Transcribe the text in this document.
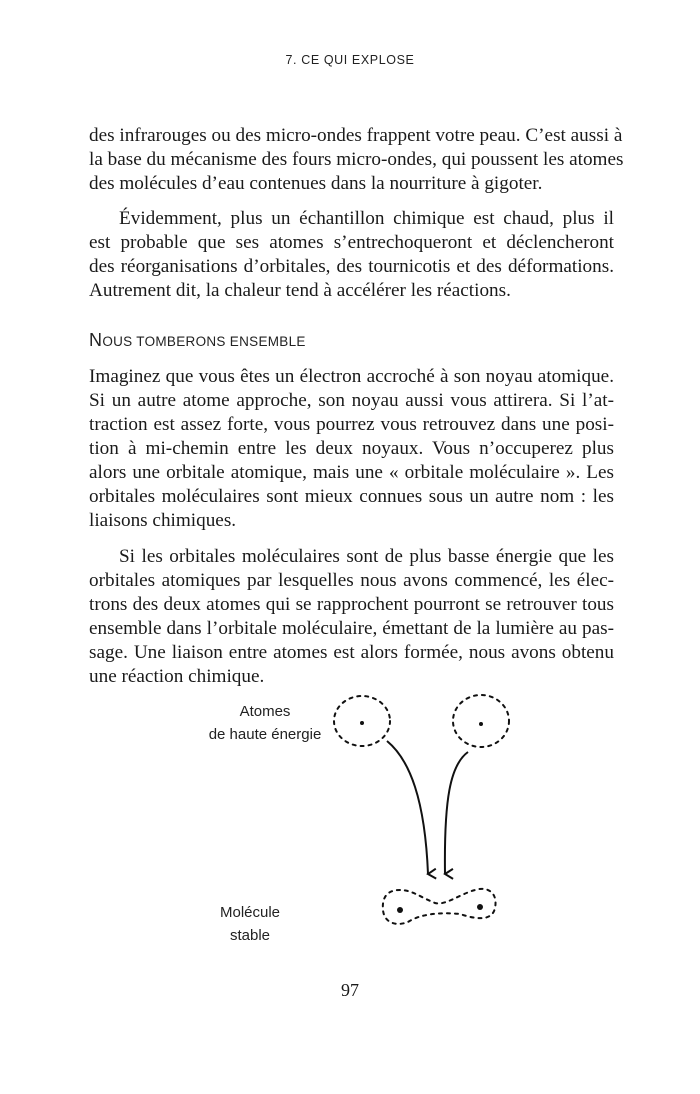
7. CE QUI EXPLOSE
des infrarouges ou des micro-ondes frappent votre peau. C’est aussi à
la base du mécanisme des fours micro-ondes, qui poussent les atomes
des molécules d’eau contenues dans la nourriture à gigoter.
Évidemment, plus un échantillon chimique est chaud, plus il
est probable que ses atomes s’entrechoqueront et déclencheront
des réorganisations d’orbitales, des tournicotis et des déformations.
Autrement dit, la chaleur tend à accélérer les réactions.
NOUS TOMBERONS ENSEMBLE
Imaginez que vous êtes un électron accroché à son noyau atomique.
Si un autre atome approche, son noyau aussi vous attirera. Si l’at-
traction est assez forte, vous pourrez vous retrouvez dans une posi-
tion à mi-chemin entre les deux noyaux. Vous n’occuperez plus
alors une orbitale atomique, mais une « orbitale moléculaire ». Les
orbitales moléculaires sont mieux connues sous un autre nom : les
liaisons chimiques.
Si les orbitales moléculaires sont de plus basse énergie que les
orbitales atomiques par lesquelles nous avons commencé, les élec-
trons des deux atomes qui se rapprochent pourront se retrouver tous
ensemble dans l’orbitale moléculaire, émettant de la lumière au pas-
sage. Une liaison entre atomes est alors formée, nous avons obtenu
une réaction chimique.
Atomes
de haute énergie
Molécule
stable
97
